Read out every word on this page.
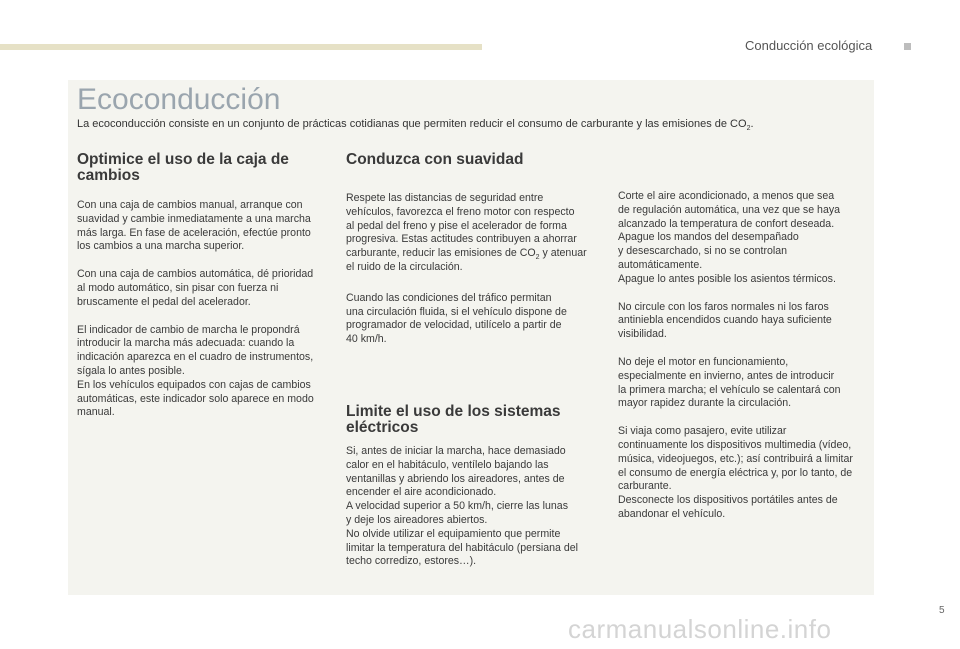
Conducción ecológica
Ecoconducción
La ecoconducción consiste en un conjunto de prácticas cotidianas que permiten reducir el consumo de carburante y las emisiones de $CO_2$.
Optimice el uso de la caja de
cambios

Con una caja de cambios manual, arranque con
suavidad y cambie inmediatamente a una marcha
más larga. En fase de aceleración, efectúe pronto
los cambios a una marcha superior.

Con una caja de cambios automática, dé prioridad
al modo automático, sin pisar con fuerza ni
bruscamente el pedal del acelerador.

El indicador de cambio de marcha le propondrá
introducir la marcha más adecuada: cuando la
indicación aparezca en el cuadro de instrumentos,
sígala lo antes posible.
En los vehículos equipados con cajas de cambios
automáticas, este indicador solo aparece en modo
manual.

Conduzca con suavidad

Respete las distancias de seguridad entre
vehículos, favorezca el freno motor con respecto
al pedal del freno y pise el acelerador de forma
progresiva. Estas actitudes contribuyen a ahorrar
carburante, reducir las emisiones de $CO_2$ y atenuar
el ruido de la circulación.

Cuando las condiciones del tráfico permitan
una circulación fluida, si el vehículo dispone de
programador de velocidad, utilícelo a partir de
40 km/h.

Limite el uso de los sistemas
eléctricos

Si, antes de iniciar la marcha, hace demasiado
calor en el habitáculo, ventílelo bajando las
ventanillas y abriendo los aireadores, antes de
encender el aire acondicionado.
A velocidad superior a 50 km/h, cierre las lunas
y deje los aireadores abiertos.
No olvide utilizar el equipamiento que permite
limitar la temperatura del habitáculo (persiana del
techo corredizo, estores…).

Corte el aire acondicionado, a menos que sea
de regulación automática, una vez que se haya
alcanzado la temperatura de confort deseada.
Apague los mandos del desempañado
y desescarchado, si no se controlan
automáticamente.
Apague lo antes posible los asientos térmicos.

No circule con los faros normales ni los faros
antiniebla encendidos cuando haya suficiente
visibilidad.

No deje el motor en funcionamiento,
especialmente en invierno, antes de introducir
la primera marcha; el vehículo se calentará con
mayor rapidez durante la circulación.

Si viaja como pasajero, evite utilizar
continuamente los dispositivos multimedia (vídeo,
música, videojuegos, etc.); así contribuirá a limitar
el consumo de energía eléctrica y, por lo tanto, de
carburante.
Desconecte los dispositivos portátiles antes de
abandonar el vehículo.

5
carmanualsonline.info
